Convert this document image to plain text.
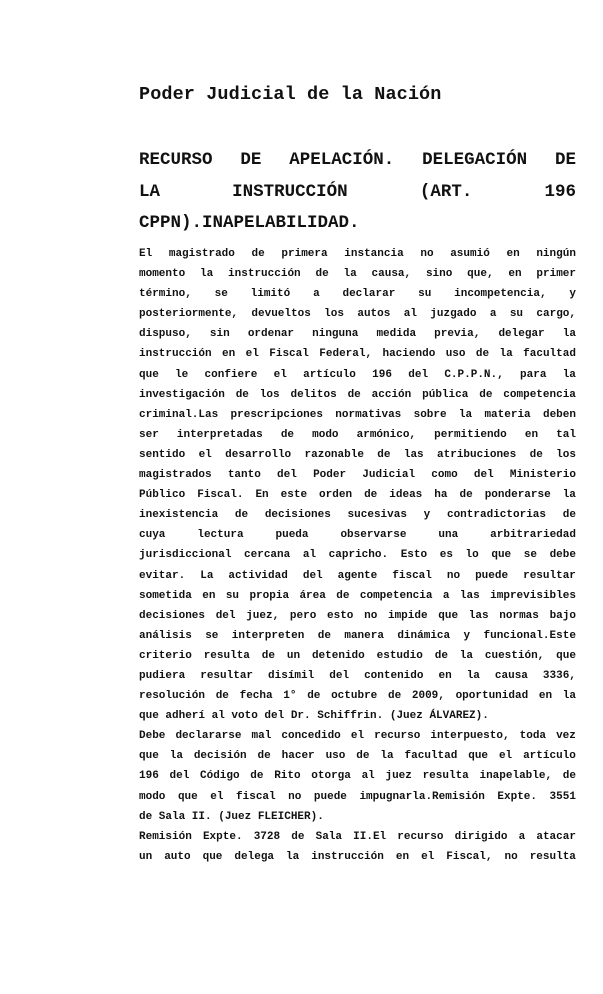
Poder Judicial de la Nación
RECURSO DE APELACIÓN. DELEGACIÓN DE
LA	INSTRUCCIÓN	(ART.	196
CPPN).INAPELABILIDAD.
El magistrado de primera instancia no asumió en ningún
momento la instrucción de la causa, sino que, en primer
término, se limitó a declarar su incompetencia, y
posteriormente, devueltos los autos al juzgado a su cargo,
dispuso, sin ordenar ninguna medida previa, delegar la
instrucción en el Fiscal Federal, haciendo uso de la facultad
que le confiere el artículo 196 del C.P.P.N., para la
investigación de los delitos de acción pública de competencia
criminal.Las prescripciones normativas sobre la materia deben
ser interpretadas de modo armónico, permitiendo en tal
sentido el desarrollo razonable de las atribuciones de los
magistrados tanto del Poder Judicial como del Ministerio
Público Fiscal. En este orden de ideas ha de ponderarse la
inexistencia de decisiones sucesivas y contradictorias de
cuya	lectura	pueda	observarse	una	arbitrariedad
jurisdiccional cercana al capricho. Esto es lo que se debe
evitar. La actividad del agente fiscal no puede resultar
sometida en su propia área de competencia a las imprevisibles
decisiones del juez, pero esto no impide que las normas bajo
análisis se interpreten de manera dinámica y funcional.Este
criterio resulta de un detenido estudio de la cuestión, que
pudiera resultar disímil del contenido en la causa 3336,
resolución de fecha 1° de octubre de 2009, oportunidad en la
que adherí al voto del Dr. Schiffrin. (Juez ÁLVAREZ).
Debe declararse mal concedido el recurso interpuesto, toda vez
que la decisión de hacer uso de la facultad que el artículo
196 del Código de Rito otorga al juez resulta inapelable, de
modo que el fiscal no puede impugnarla.Remisión Expte. 3551
de Sala II. (Juez FLEICHER).
Remisión Expte. 3728 de Sala II.El recurso dirigido a atacar
un auto que delega la instrucción en el Fiscal, no resulta
